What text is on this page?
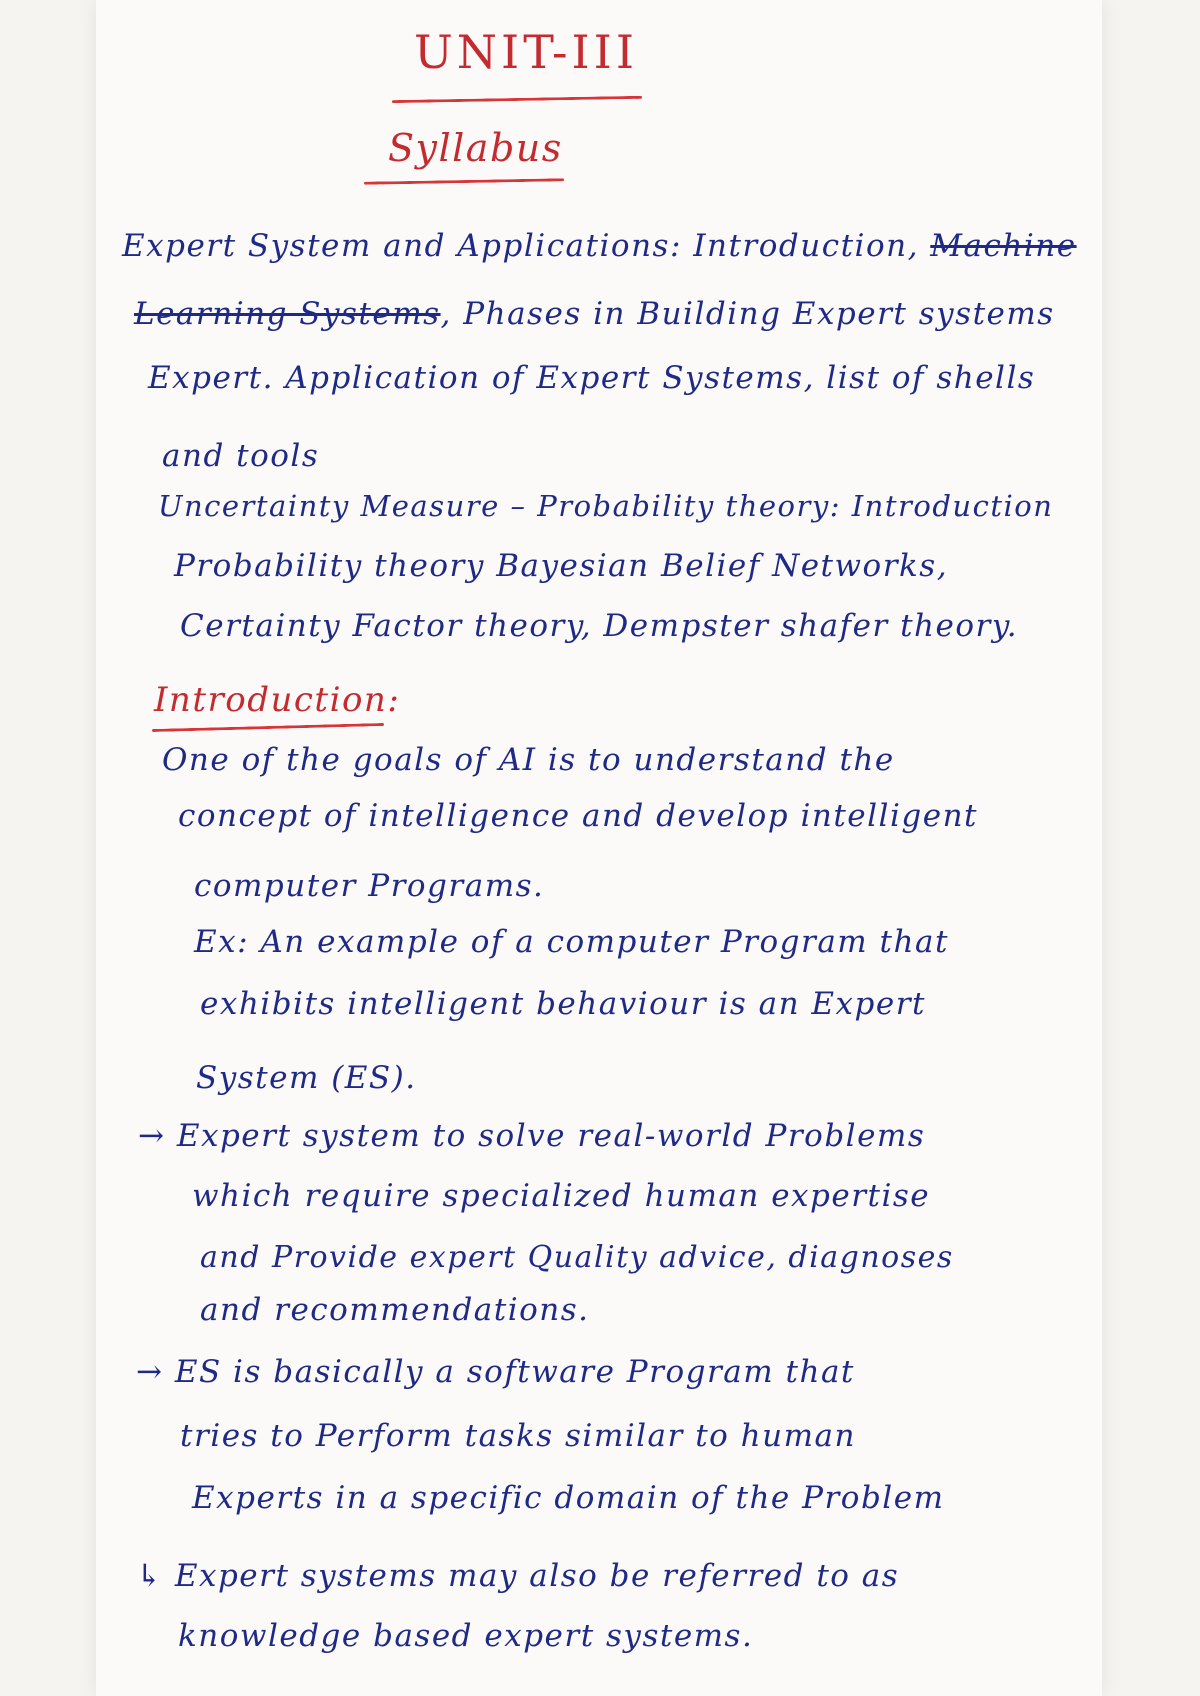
UNIT-III
Syllabus
Expert System and Applications: Introduction, Machine
Learning Systems, Phases in Building Expert systems
Expert. Application of Expert Systems, list of shells
and tools
Uncertainty Measure – Probability theory: Introduction
Probability theory Bayesian Belief Networks,
Certainty Factor theory, Dempster shafer theory.
Introduction:
One of the goals of AI is to understand the
concept of intelligence and develop intelligent
computer Programs.
Ex: An example of a computer Program that
exhibits intelligent behaviour is an Expert
System (ES).
→ Expert system to solve real-world Problems
which require specialized human expertise
and Provide expert Quality advice, diagnoses
and recommendations.
→ ES is basically a software Program that
tries to Perform tasks similar to human
Experts in a specific domain of the Problem
↳ Expert systems may also be referred to as
knowledge based expert systems.
